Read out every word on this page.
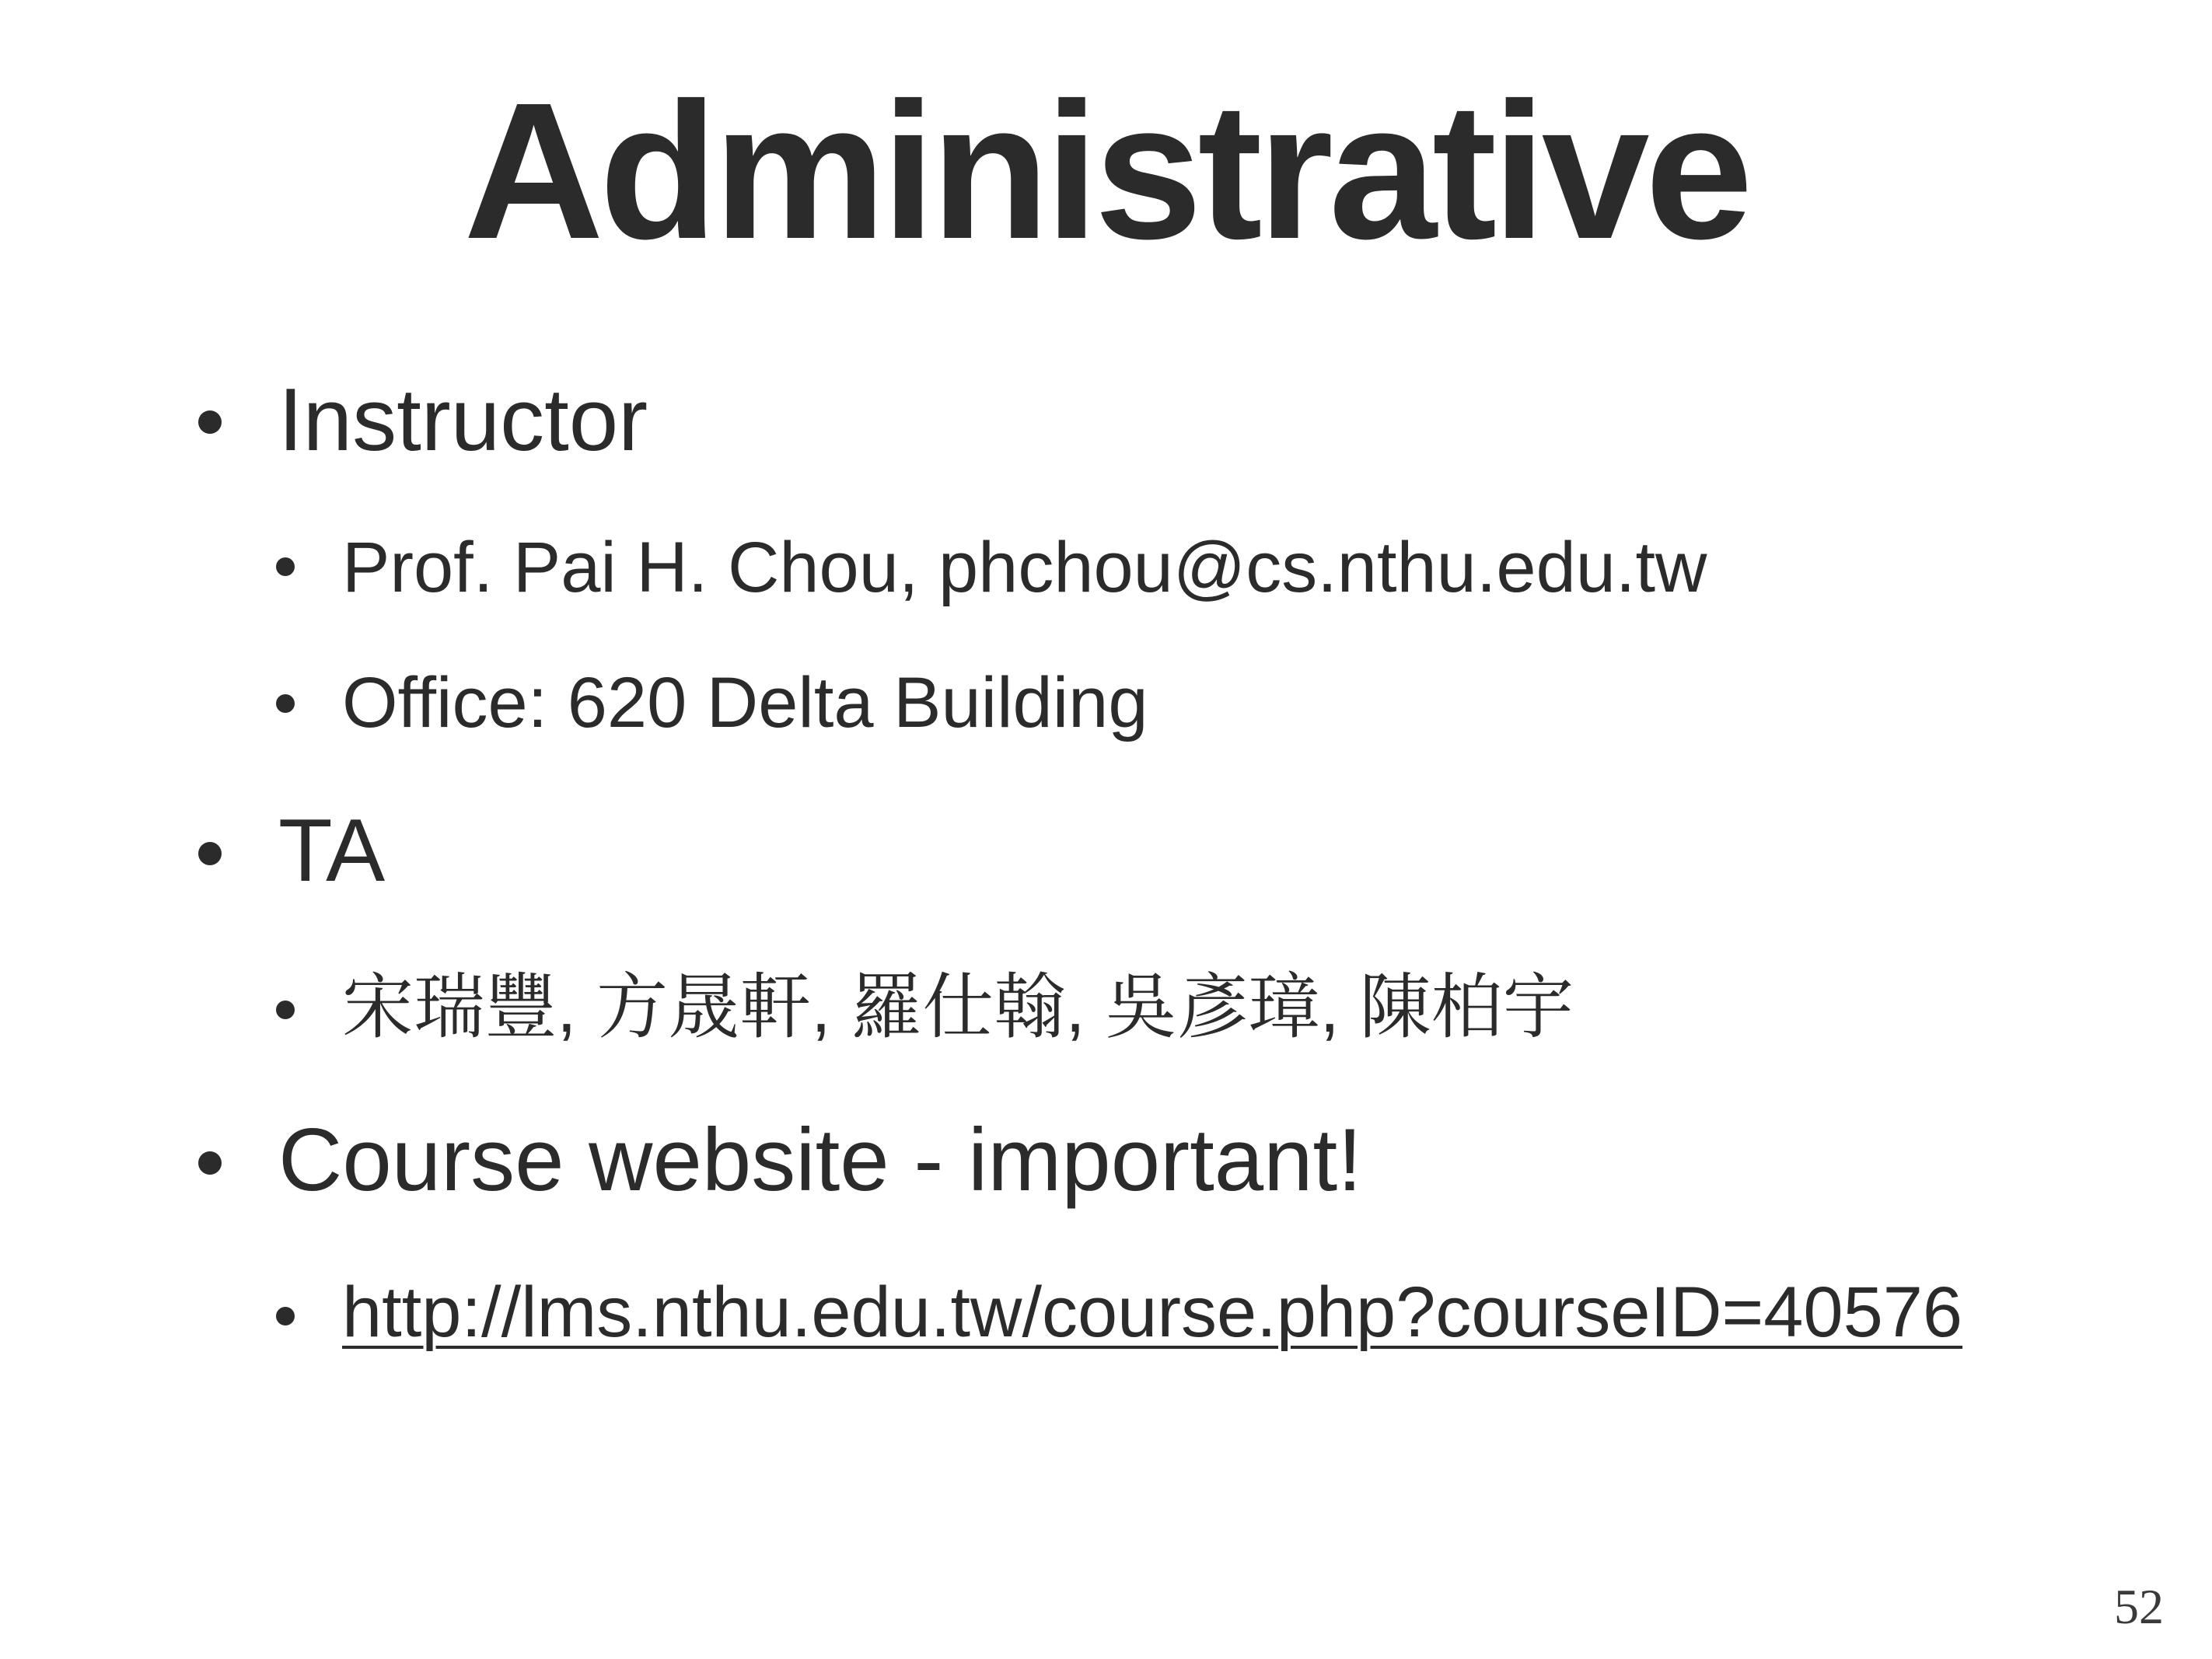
Administrative
Instructor
Prof. Pai H. Chou, phchou@cs.nthu.edu.tw
Office: 620 Delta Building
TA
宋瑞豐, 方晟軒, 羅仕翰, 吳彥璋, 陳柏宇
Course website - important!
http://lms.nthu.edu.tw/course.php?courseID=40576
52
